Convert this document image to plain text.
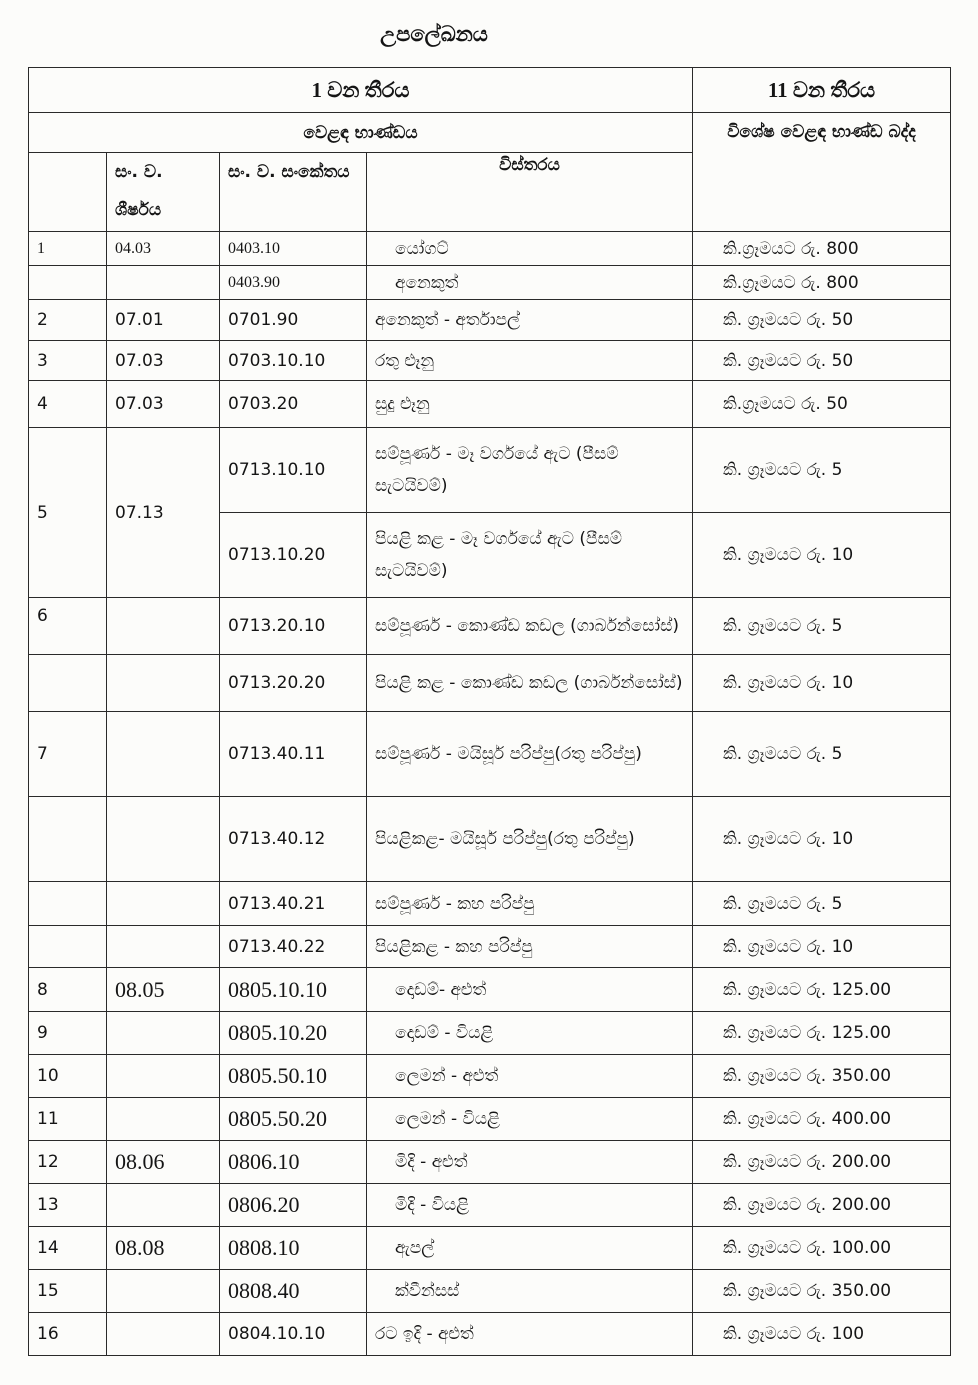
උපලේඛනය
1 වන තීරය				11 වන තීරය
වෙළඳ භාණ්ඩය				විශේෂ වෙළඳ භාණ්ඩ බද්ද
	සං. ව. ශීර්ෂය	සං. ව. සංකේතය	විස්තරය	
1	04.03	0403.10	යෝගට්	කි.ග්‍රෑමයට රු. 800
		0403.90	අනෙකුත්	කි.ග්‍රෑමයට රු. 800
2	07.01	0701.90	අනෙකුත් - අර්තාපල්	කි. ග්‍රෑමයට රු. 50
3	07.03	0703.10.10	රතු ළූනු	කි. ග්‍රෑමයට රු. 50
4	07.03	0703.20	සුදු ළූනු	කි.ග්‍රෑමයට රු. 50
5	07.13	0713.10.10	සම්පූර්ණ - මෑ වර්ගයේ ඇට (පීසම් සැටයිවම්)	කි. ග්‍රෑමයට රු. 5
		0713.10.20	පියළි කළ - මෑ වර්ගයේ ඇට (පීසම් සැටයිවම්)	කි. ග්‍රෑමයට රු. 10
6		0713.20.10	සම්පූර්ණ - කොණ්ඩ කඩල (ගාර්බන්සෝස්)	කි. ග්‍රෑමයට රු. 5
		0713.20.20	පියළි කළ - කොණ්ඩ කඩල (ගාර්බන්සෝස්)	කි. ග්‍රෑමයට රු. 10
7		0713.40.11	සම්පූර්ණ - මයිසූර් පරිප්පු(රතු පරිප්පු)	කි. ග්‍රෑමයට රු. 5
		0713.40.12	පියළිකළ- මයිසූර් පරිප්පු(රතු පරිප්පු)	කි. ග්‍රෑමයට රු. 10
		0713.40.21	සම්පූර්ණ - කහ පරිප්පු	කි. ග්‍රෑමයට රු. 5
		0713.40.22	පියළිකළ - කහ පරිප්පු	කි. ග්‍රෑමයට රු. 10
8	08.05	0805.10.10	දොඩම්- අළුත්	කි. ග්‍රෑමයට රු. 125.00
9		0805.10.20	දොඩම් - වියළි	කි. ග්‍රෑමයට රු. 125.00
10		0805.50.10	ලෙමන් - අළුත්	කි. ග්‍රෑමයට රු. 350.00
11		0805.50.20	ලෙමන් - වියළි	කි. ග්‍රෑමයට රු. 400.00
12	08.06	0806.10	මිදි - අළුත්	කි. ග්‍රෑමයට රු. 200.00
13		0806.20	මිදි - වියළි	කි. ග්‍රෑමයට රු. 200.00
14	08.08	0808.10	ඇපල්	කි. ග්‍රෑමයට රු. 100.00
15		0808.40	ක්වීන්සස්	කි. ග්‍රෑමයට රු. 350.00
16		0804.10.10	රට ඉදි - අළුත්	කි. ග්‍රෑමයට රු. 100
